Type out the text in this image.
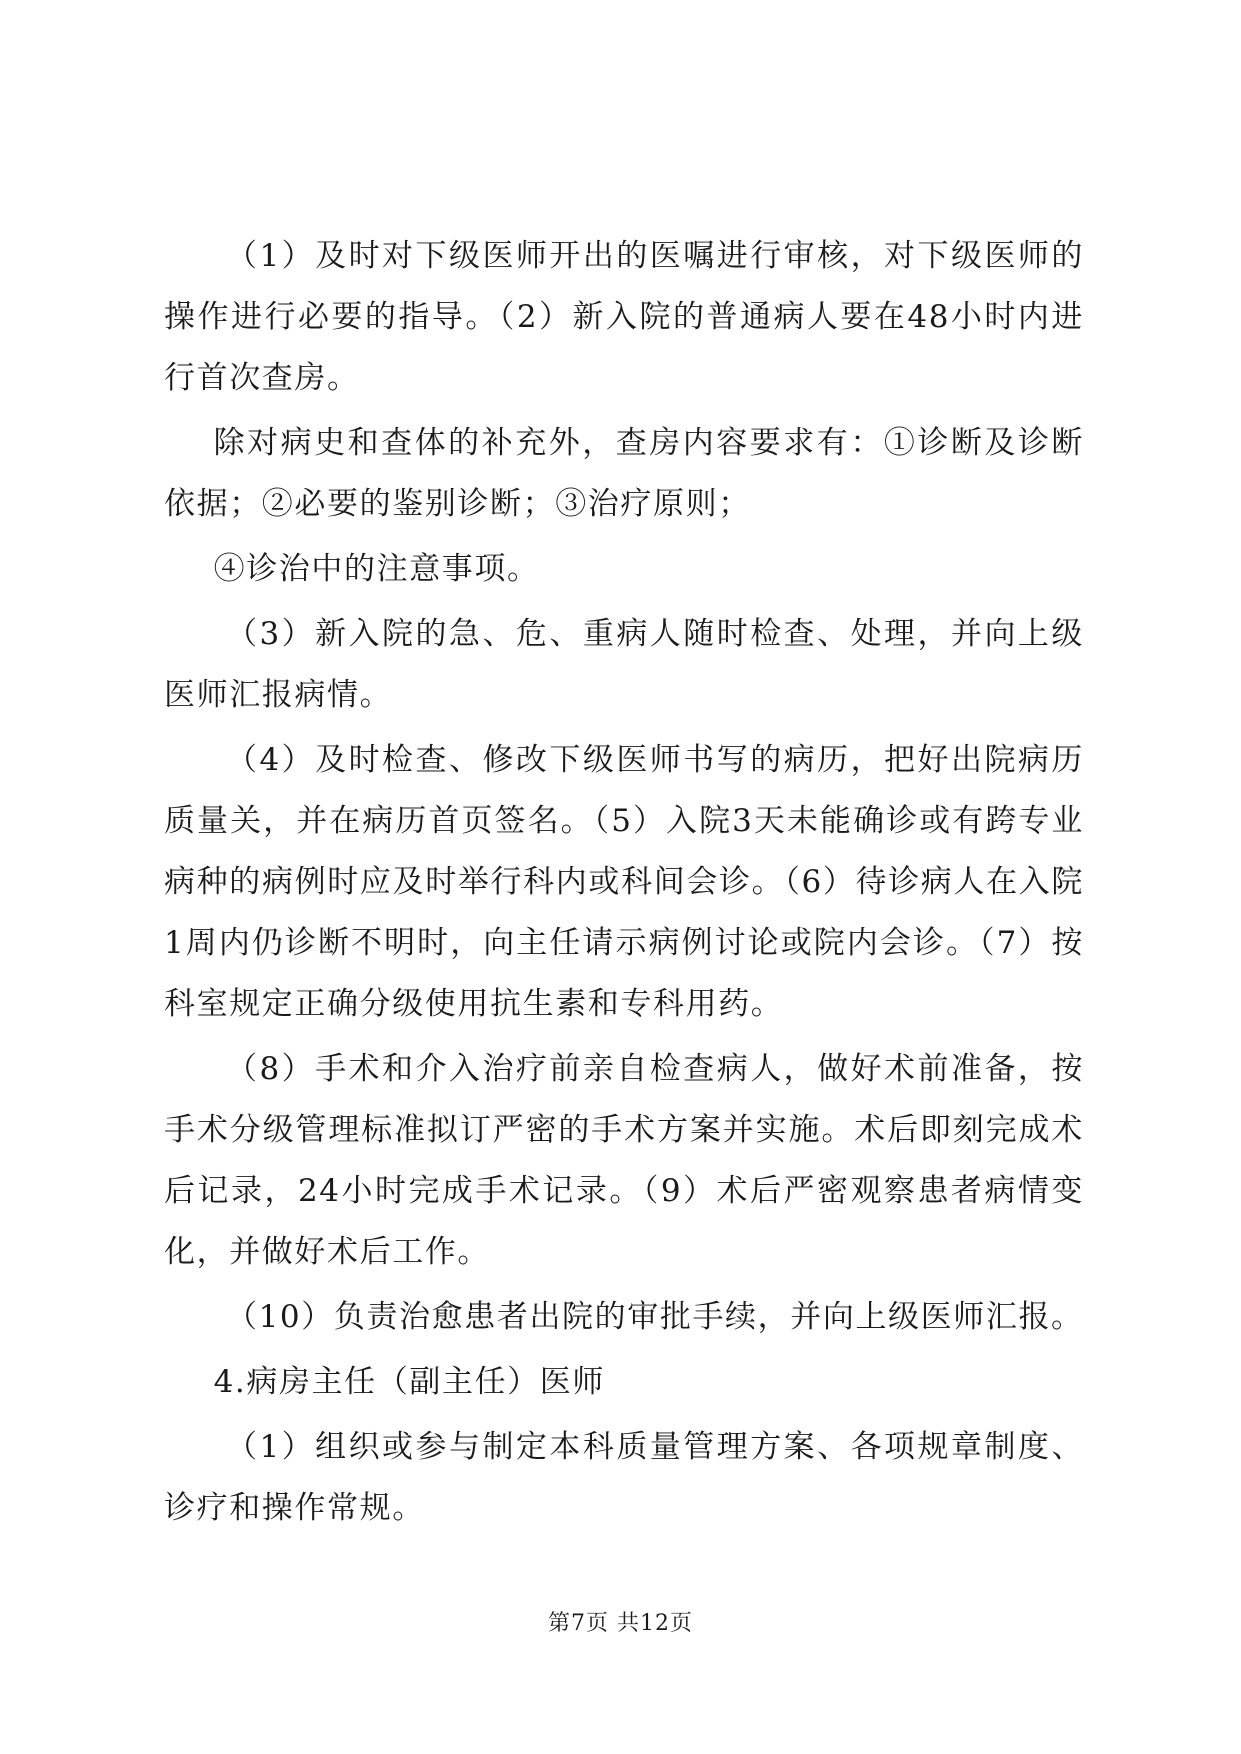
（1）及时对下级医师开出的医嘱进行审核，对下级医师的操作进行必要的指导。（2）新入院的普通病人要在48小时内进行首次查房。

除对病史和查体的补充外，查房内容要求有：①诊断及诊断依据；②必要的鉴别诊断；③治疗原则；

④诊治中的注意事项。

（3）新入院的急、危、重病人随时检查、处理，并向上级医师汇报病情。

（4）及时检查、修改下级医师书写的病历，把好出院病历质量关，并在病历首页签名。（5）入院3天未能确诊或有跨专业病种的病例时应及时举行科内或科间会诊。（6）待诊病人在入院1周内仍诊断不明时，向主任请示病例讨论或院内会诊。（7）按科室规定正确分级使用抗生素和专科用药。

（8）手术和介入治疗前亲自检查病人，做好术前准备，按手术分级管理标准拟订严密的手术方案并实施。术后即刻完成术后记录，24小时完成手术记录。（9）术后严密观察患者病情变化，并做好术后工作。

（10）负责治愈患者出院的审批手续，并向上级医师汇报。

4.病房主任（副主任）医师

（1）组织或参与制定本科质量管理方案、各项规章制度、诊疗和操作常规。

第7页 共12页
